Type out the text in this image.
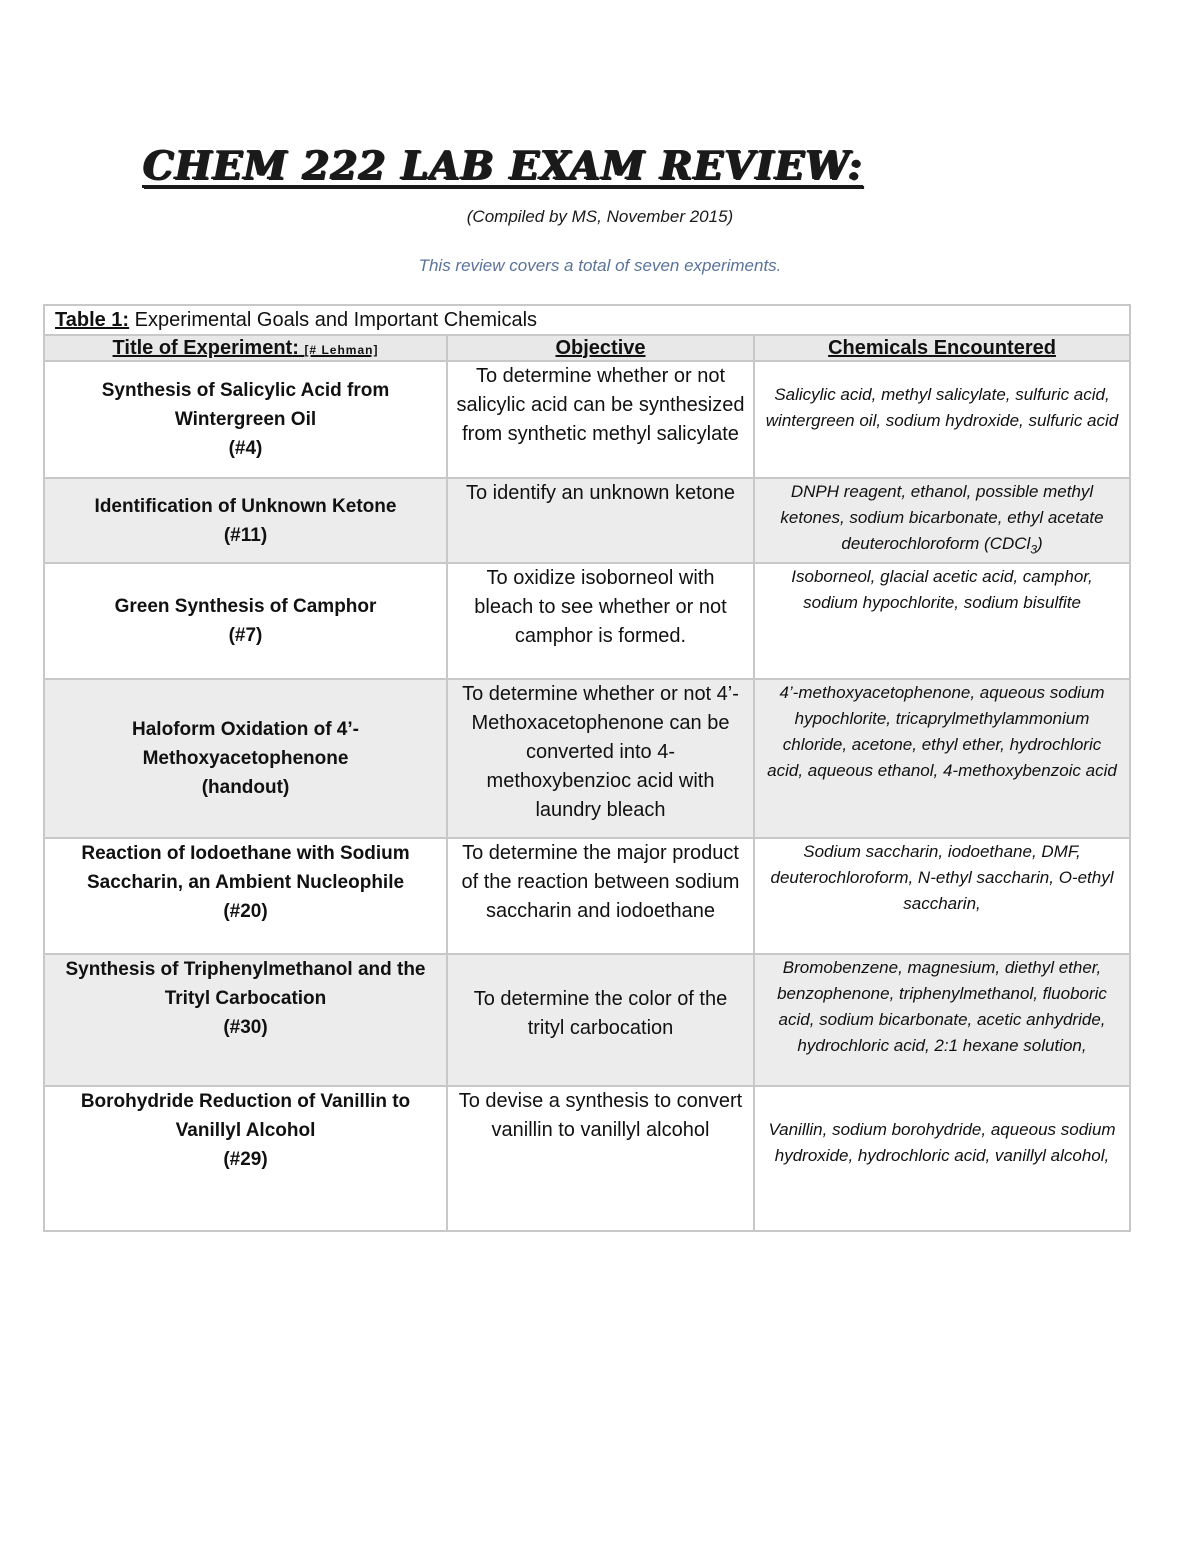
CHEM 222 LAB EXAM REVIEW:
(Compiled by MS, November 2015)
This review covers a total of seven experiments.
Table 1: Experimental Goals and Important Chemicals		
Title of Experiment: [# Lehman]	Objective	Chemicals Encountered
Synthesis of Salicylic Acid from Wintergreen Oil
(#4)	To determine whether or not salicylic acid can be synthesized from synthetic methyl salicylate	Salicylic acid, methyl salicylate, sulfuric acid, wintergreen oil, sodium hydroxide, sulfuric acid
Identification of Unknown Ketone
(#11)	To identify an unknown ketone	DNPH reagent, ethanol, possible methyl ketones, sodium bicarbonate, ethyl acetate deuterochloroform (CDCl$_3$)
Green Synthesis of Camphor
(#7)	To oxidize isoborneol with bleach to see whether or not camphor is formed.	Isoborneol, glacial acetic acid, camphor, sodium hypochlorite, sodium bisulfite
Haloform Oxidation of 4’-Methoxyacetophenone
(handout)	To determine whether or not 4’-Methoxacetophenone can be converted into 4-methoxybenzioc acid with laundry bleach	4’-methoxyacetophenone, aqueous sodium hypochlorite, tricaprylmethylammonium chloride, acetone, ethyl ether, hydrochloric acid, aqueous ethanol, 4-methoxybenzoic acid
Reaction of Iodoethane with Sodium Saccharin, an Ambient Nucleophile
(#20)	To determine the major product of the reaction between sodium saccharin and iodoethane	Sodium saccharin, iodoethane, DMF, deuterochloroform, N-ethyl saccharin, O-ethyl saccharin,
Synthesis of Triphenylmethanol and the Trityl Carbocation
(#30)	To determine the color of the trityl carbocation	Bromobenzene, magnesium, diethyl ether, benzophenone, triphenylmethanol, fluoboric acid, sodium bicarbonate, acetic anhydride, hydrochloric acid, 2:1 hexane solution,
Borohydride Reduction of Vanillin to Vanillyl Alcohol
(#29)	To devise a synthesis to convert vanillin to vanillyl alcohol	Vanillin, sodium borohydride, aqueous sodium hydroxide, hydrochloric acid, vanillyl alcohol,
